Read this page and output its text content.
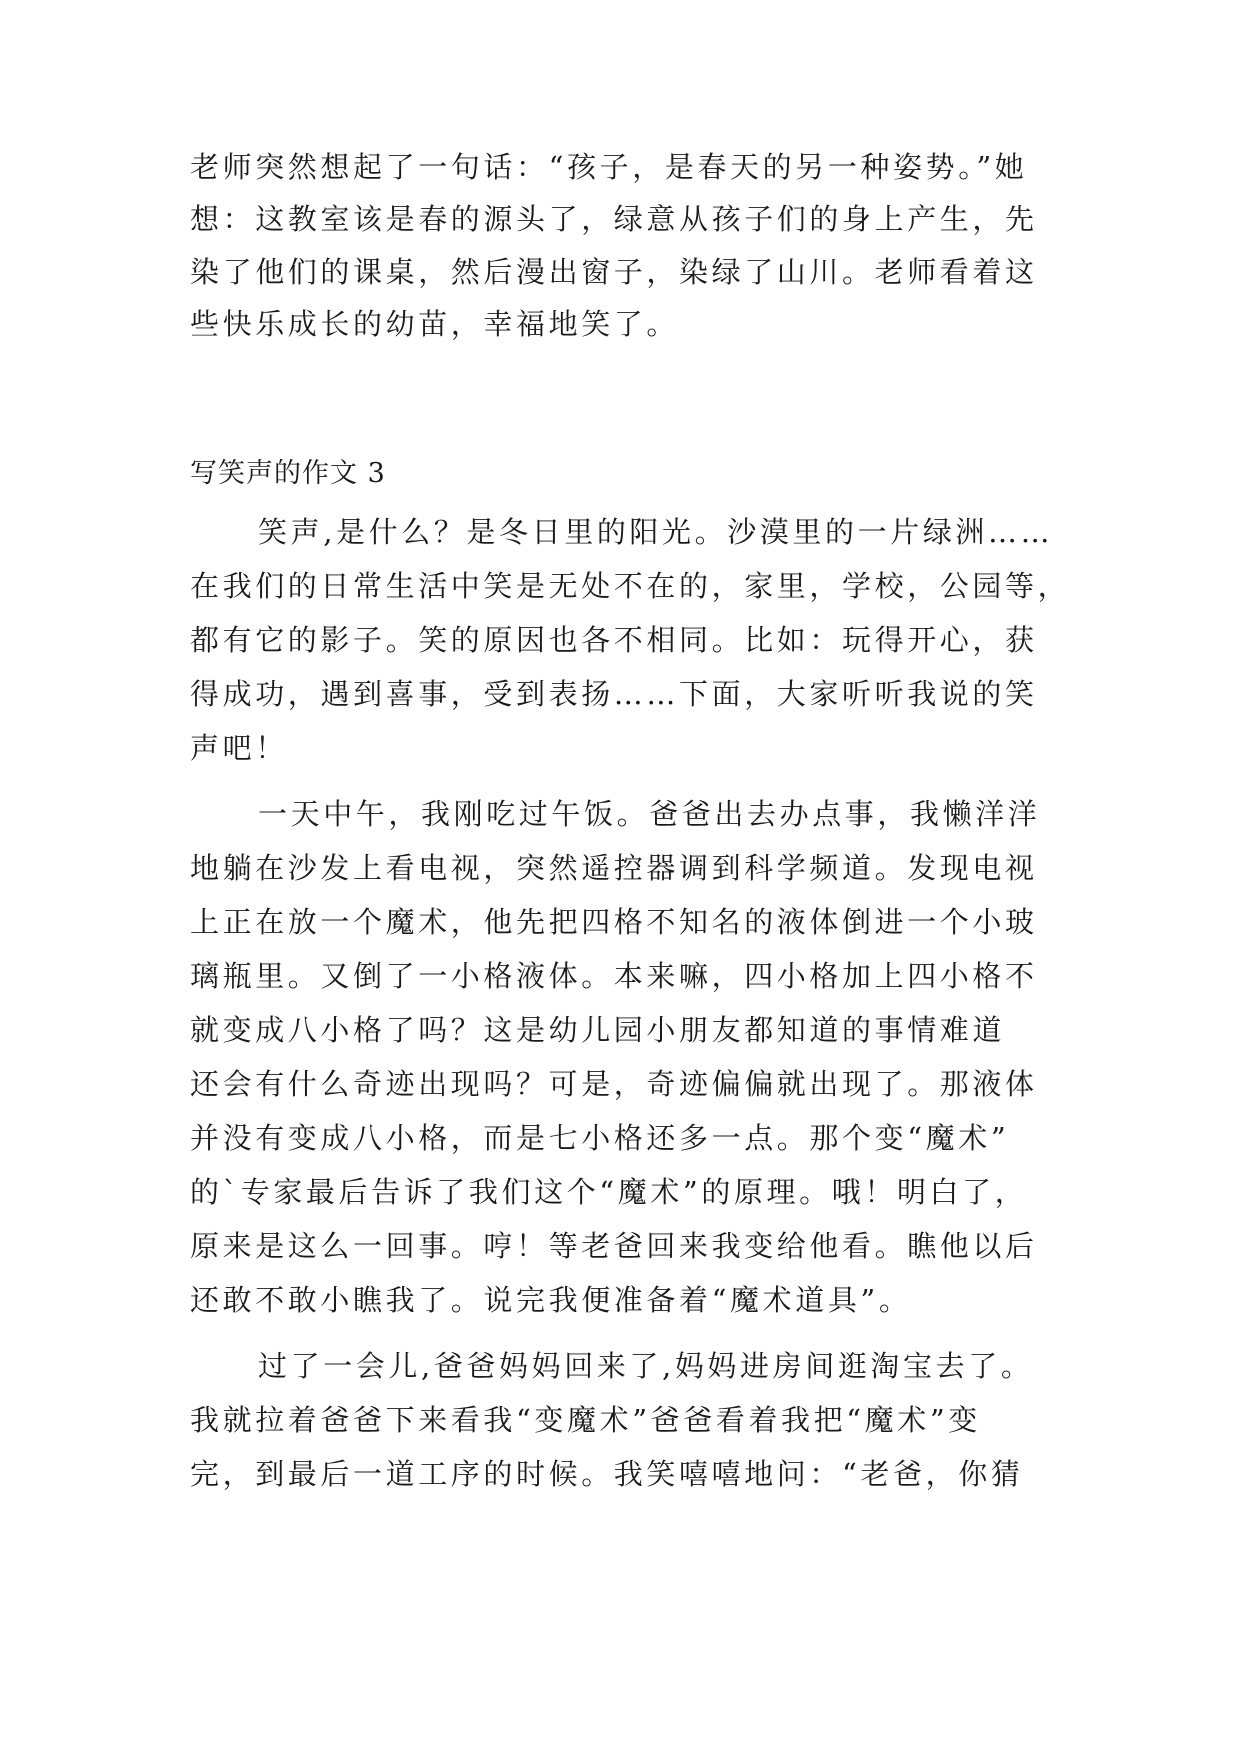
老师突然想起了一句话：“孩子，是春天的另一种姿势。”她
想：这教室该是春的源头了，绿意从孩子们的身上产生，先
染了他们的课桌，然后漫出窗子，染绿了山川。老师看着这
些快乐成长的幼苗，幸福地笑了。
写笑声的作文 3
笑声,是什么？是冬日里的阳光。沙漠里的一片绿洲……
在我们的日常生活中笑是无处不在的，家里，学校，公园等，
都有它的影子。笑的原因也各不相同。比如：玩得开心，获
得成功，遇到喜事，受到表扬……下面，大家听听我说的笑
声吧！
一天中午，我刚吃过午饭。爸爸出去办点事，我懒洋洋
地躺在沙发上看电视，突然遥控器调到科学频道。发现电视
上正在放一个魔术，他先把四格不知名的液体倒进一个小玻
璃瓶里。又倒了一小格液体。本来嘛，四小格加上四小格不
就变成八小格了吗？这是幼儿园小朋友都知道的事情难道
还会有什么奇迹出现吗？可是，奇迹偏偏就出现了。那液体
并没有变成八小格，而是七小格还多一点。那个变“魔术”
的`专家最后告诉了我们这个“魔术”的原理。哦！明白了，
原来是这么一回事。哼！等老爸回来我变给他看。瞧他以后
还敢不敢小瞧我了。说完我便准备着“魔术道具”。
过了一会儿,爸爸妈妈回来了,妈妈进房间逛淘宝去了。
我就拉着爸爸下来看我“变魔术”爸爸看着我把“魔术”变
完，到最后一道工序的时候。我笑嘻嘻地问：“老爸，你猜
